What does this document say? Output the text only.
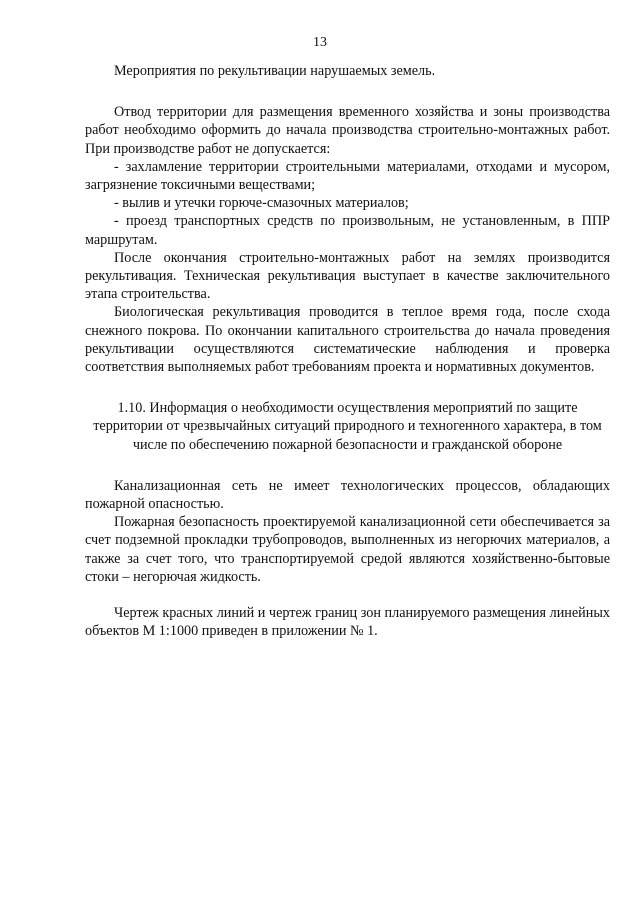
13

Мероприятия по рекультивации нарушаемых земель.

Отвод территории для размещения временного хозяйства и зоны производства работ необходимо оформить до начала производства строительно-монтажных работ. При производстве работ не допускается:

- захламление территории строительными материалами, отходами и мусором, загрязнение токсичными веществами;

- вылив и утечки горюче-смазочных материалов;

- проезд транспортных средств по произвольным, не установленным, в ППР маршрутам.

После окончания строительно-монтажных работ на землях производится рекультивация. Техническая рекультивация выступает в качестве заключительного этапа строительства.

Биологическая рекультивация проводится в теплое время года, после схода снежного покрова. По окончании капитального строительства до начала проведения рекультивации осуществляются систематические наблюдения и проверка соответствия выполняемых работ требованиям проекта и нормативных документов.

1.10. Информация о необходимости осуществления мероприятий по защите территории от чрезвычайных ситуаций природного и техногенного характера, в том числе по обеспечению пожарной безопасности и гражданской обороне

Канализационная сеть не имеет технологических процессов, обладающих пожарной опасностью.

Пожарная безопасность проектируемой канализационной сети обеспечивается за счет подземной прокладки трубопроводов, выполненных из негорючих материалов, а также за счет того, что транспортируемой средой являются хозяйственно-бытовые стоки – негорючая жидкость.

Чертеж красных линий и чертеж границ зон планируемого размещения линейных объектов М 1:1000 приведен в приложении № 1.
